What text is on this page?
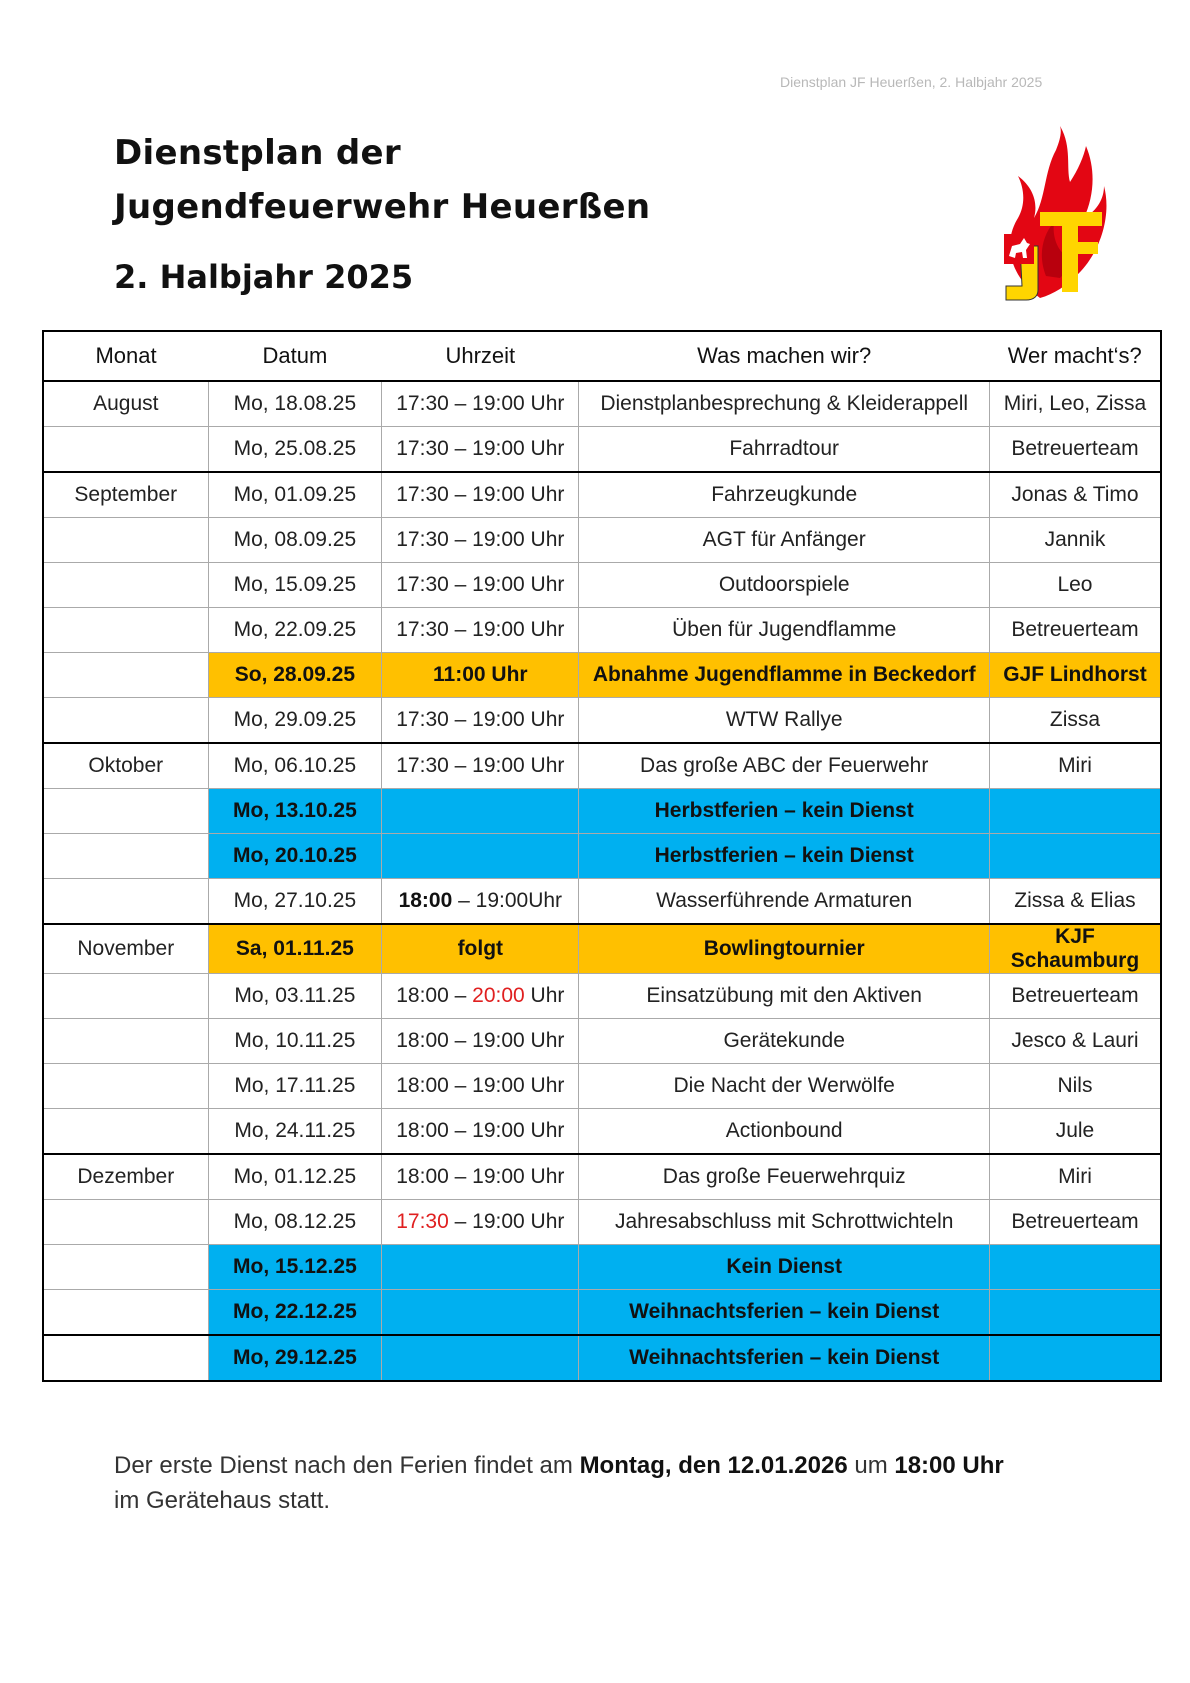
Dienstplan JF Heuerßen, 2. Halbjahr 2025
Dienstplan der
Jugendfeuerwehr Heuerßen
2. Halbjahr 2025
Monat	Datum	Uhrzeit	Was machen wir?	Wer macht‘s?
August	Mo, 18.08.25	17:30 – 19:00 Uhr	Dienstplanbesprechung & Kleiderappell	Miri, Leo, Zissa
	Mo, 25.08.25	17:30 – 19:00 Uhr	Fahrradtour	Betreuerteam
September	Mo, 01.09.25	17:30 – 19:00 Uhr	Fahrzeugkunde	Jonas & Timo
	Mo, 08.09.25	17:30 – 19:00 Uhr	AGT für Anfänger	Jannik
	Mo, 15.09.25	17:30 – 19:00 Uhr	Outdoorspiele	Leo
	Mo, 22.09.25	17:30 – 19:00 Uhr	Üben für Jugendflamme	Betreuerteam
	So, 28.09.25	11:00 Uhr	Abnahme Jugendflamme in Beckedorf	GJF Lindhorst
	Mo, 29.09.25	17:30 – 19:00 Uhr	WTW Rallye	Zissa
Oktober	Mo, 06.10.25	17:30 – 19:00 Uhr	Das große ABC der Feuerwehr	Miri
	Mo, 13.10.25		Herbstferien – kein Dienst	
	Mo, 20.10.25		Herbstferien – kein Dienst	
	Mo, 27.10.25	18:00 – 19:00Uhr	Wasserführende Armaturen	Zissa & Elias
November	Sa, 01.11.25	folgt	Bowlingtournier	KJF Schaumburg
	Mo, 03.11.25	18:00 – 20:00 Uhr	Einsatzübung mit den Aktiven	Betreuerteam
	Mo, 10.11.25	18:00 – 19:00 Uhr	Gerätekunde	Jesco & Lauri
	Mo, 17.11.25	18:00 – 19:00 Uhr	Die Nacht der Werwölfe	Nils
	Mo, 24.11.25	18:00 – 19:00 Uhr	Actionbound	Jule
Dezember	Mo, 01.12.25	18:00 – 19:00 Uhr	Das große Feuerwehrquiz	Miri
	Mo, 08.12.25	17:30 – 19:00 Uhr	Jahresabschluss mit Schrottwichteln	Betreuerteam
	Mo, 15.12.25		Kein Dienst	
	Mo, 22.12.25		Weihnachtsferien – kein Dienst	
	Mo, 29.12.25		Weihnachtsferien – kein Dienst	
Der erste Dienst nach den Ferien findet am Montag, den 12.01.2026 um 18:00 Uhr
im Gerätehaus statt.
